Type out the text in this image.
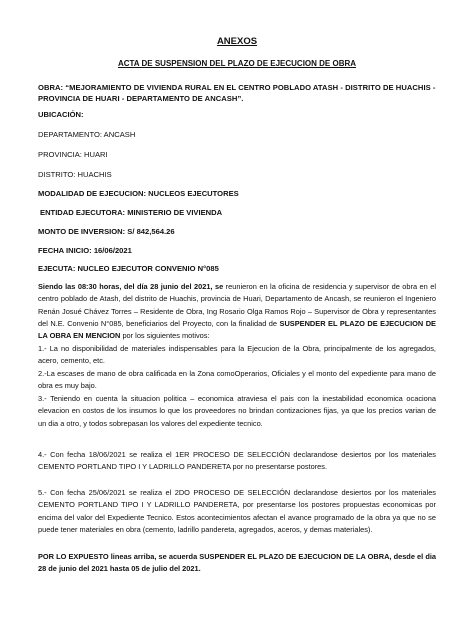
ANEXOS
ACTA DE SUSPENSION DEL PLAZO DE EJECUCION DE OBRA
OBRA: “MEJORAMIENTO DE VIVIENDA RURAL EN EL CENTRO POBLADO ATASH - DISTRITO DE HUACHIS - PROVINCIA DE HUARI - DEPARTAMENTO DE ANCASH”.
UBICACIÓN:
DEPARTAMENTO: ANCASH
PROVINCIA: HUARI
DISTRITO: HUACHIS
MODALIDAD DE EJECUCION: NUCLEOS EJECUTORES
ENTIDAD EJECUTORA: MINISTERIO DE VIVIENDA
MONTO DE INVERSION: S/ 842,564.26
FECHA INICIO: 16/06/2021
EJECUTA: NUCLEO EJECUTOR CONVENIO N°085
Siendo las 08:30 horas, del día 28 junio del 2021, se reunieron en la oficina de residencia y supervisor de obra en el centro poblado de Atash, del distrito de Huachis, provincia de Huari, Departamento de Ancash, se reunieron el Ingeniero Renán Josué Chávez Torres – Residente de Obra, Ing Rosario Olga Ramos Rojo – Supervisor de Obra y representantes del N.E. Convenio N°085, beneficiarios del Proyecto, con la finalidad de SUSPENDER EL PLAZO DE EJECUCION DE LA OBRA EN MENCION por los siguientes motivos:
1.- La no disponibilidad de materiales indispensables para la Ejecucion de la Obra, principalmente de los agregados, acero, cemento, etc.
2.-La escases de mano de obra calificada en la Zona comoOperarios, Oficiales y el monto del expediente para mano de obra es muy bajo.
3.- Teniendo en cuenta la situacion politica – economica atraviesa el pais con la inestabilidad economica ocaciona elevacion en costos de los insumos lo que los proveedores no brindan contizaciones fijas, ya que los precios varian de un dia a otro, y todos sobrepasan los valores del expediente tecnico.
4.- Con fecha 18/06/2021 se realiza el 1ER PROCESO DE SELECCIÓN declarandose desiertos por los materiales CEMENTO PORTLAND TIPO I Y LADRILLO PANDERETA por no presentarse postores.
5.- Con fecha 25/06/2021 se realiza el 2DO PROCESO DE SELECCIÓN declarandose desiertos por los materiales CEMENTO PORTLAND TIPO I Y LADRILLO PANDERETA, por presentarse los postores propuestas economicas por encima del valor del Expediente Tecnico. Estos acontecimientos afectan el avance programado de la obra ya que no se puede tener materiales en obra (cemento, ladrillo pandereta, agregados, aceros, y demas materiales).
POR LO EXPUESTO lineas arriba, se acuerda SUSPENDER EL PLAZO DE EJECUCION DE LA OBRA, desde el dia 28 de junio del 2021 hasta 05 de julio del 2021.
